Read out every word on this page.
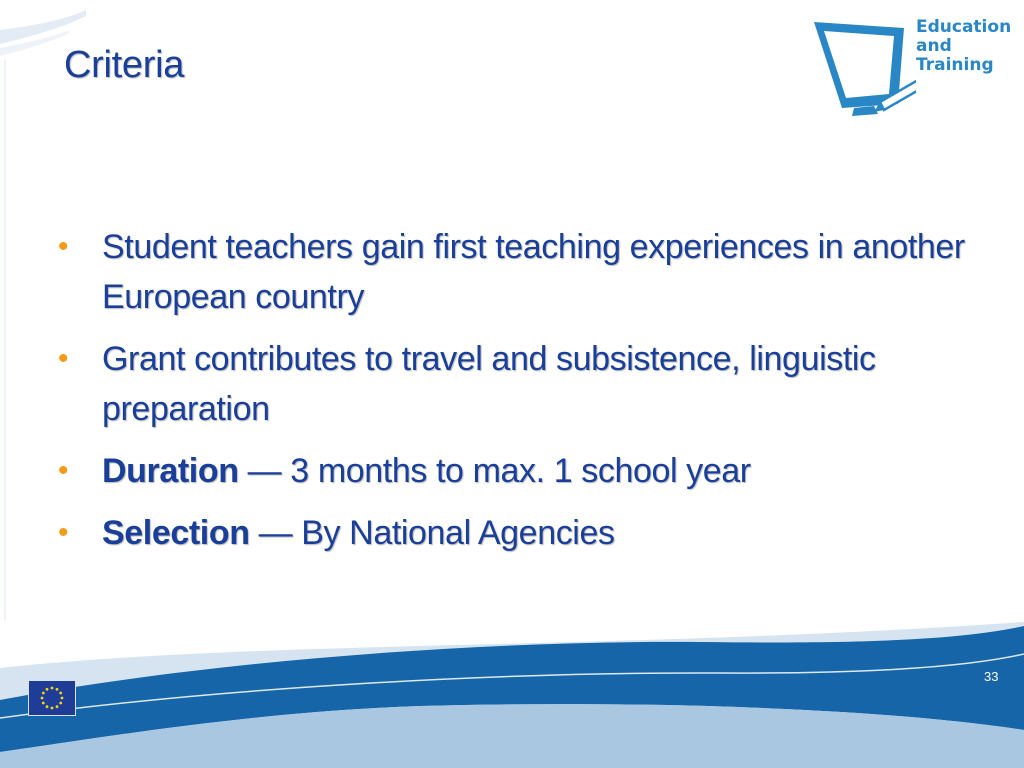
Criteria
Education
and
Training
• Student teachers gain first teaching experiences in another European country
• Grant contributes to travel and subsistence, linguistic preparation
• Duration — 3 months to max. 1 school year
• Selection — By National Agencies
33
